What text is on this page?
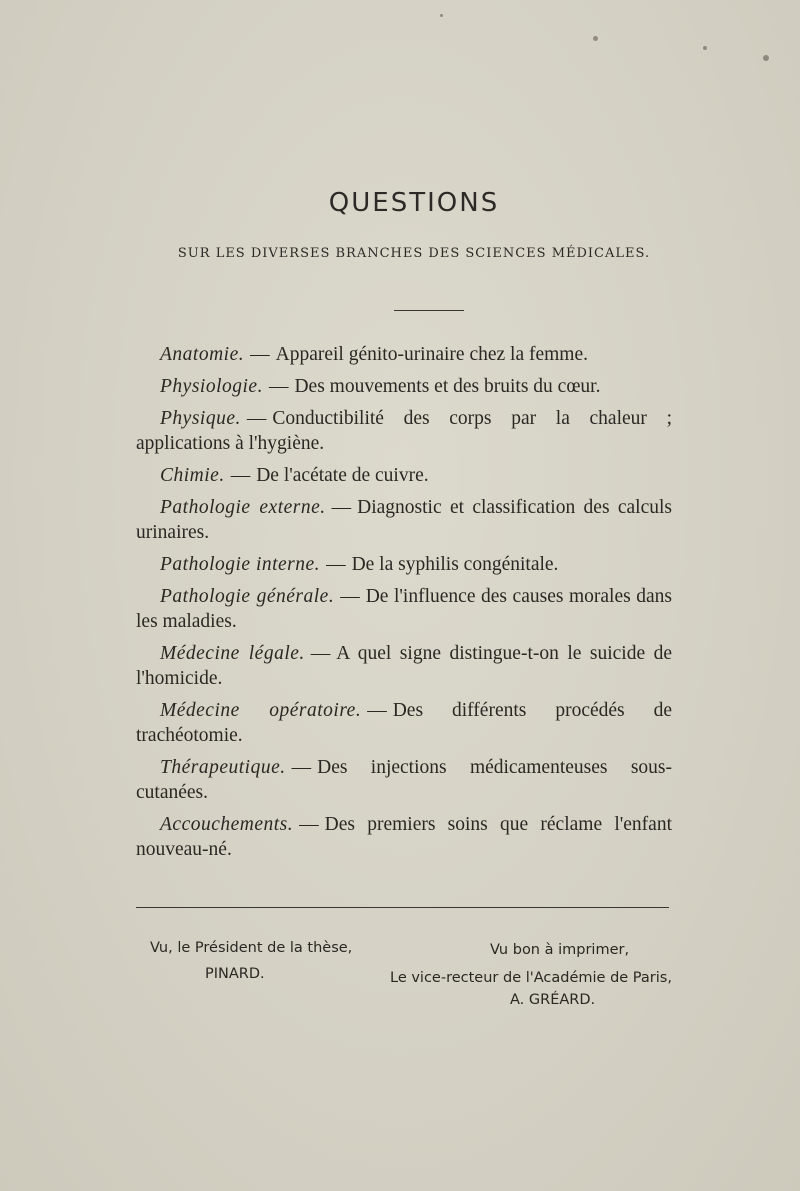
QUESTIONS

SUR LES DIVERSES BRANCHES DES SCIENCES MÉDICALES.

Anatomie. — Appareil génito-urinaire chez la femme.
Physiologie. — Des mouvements et des bruits du cœur.
Physique. — Conductibilité des corps par la chaleur ; applications à l'hygiène.
Chimie. — De l'acétate de cuivre.
Pathologie externe. — Diagnostic et classification des calculs urinaires.
Pathologie interne. — De la syphilis congénitale.
Pathologie générale. — De l'influence des causes morales dans les maladies.
Médecine légale. — A quel signe distingue-t-on le suicide de l'homicide.
Médecine opératoire. — Des différents procédés de trachéotomie.
Thérapeutique. — Des injections médicamenteuses sous-cutanées.
Accouchements. — Des premiers soins que réclame l'enfant nouveau-né.

Vu, le Président de la thèse,

PINARD.

Vu bon à imprimer,

Le vice-recteur de l'Académie de Paris,

A. GRÉARD.
